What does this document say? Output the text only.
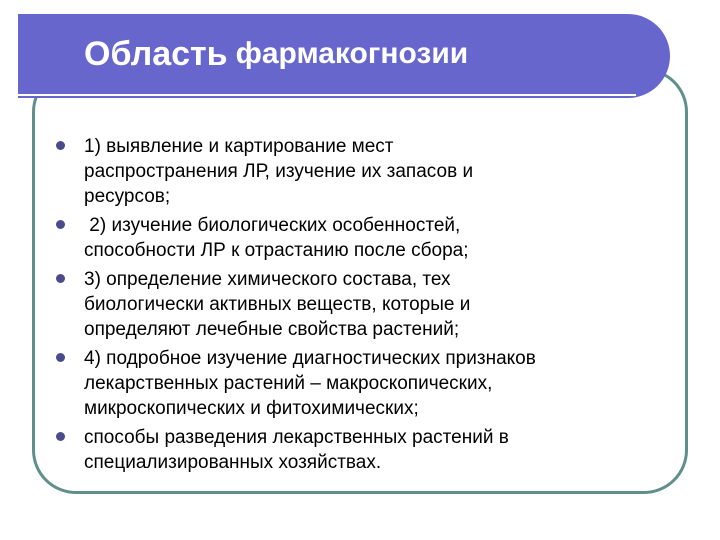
Область фармакогнозии
1) выявление и картирование мест
распространения ЛР, изучение их запасов и
ресурсов;
2) изучение биологических особенностей,
способности ЛР к отрастанию после сбора;
3) определение химического состава, тех
биологически активных веществ, которые и
определяют лечебные свойства растений;
4) подробное изучение диагностических признаков
лекарственных растений – макроскопических,
микроскопических и фитохимических;
способы разведения лекарственных растений в
специализированных хозяйствах.
